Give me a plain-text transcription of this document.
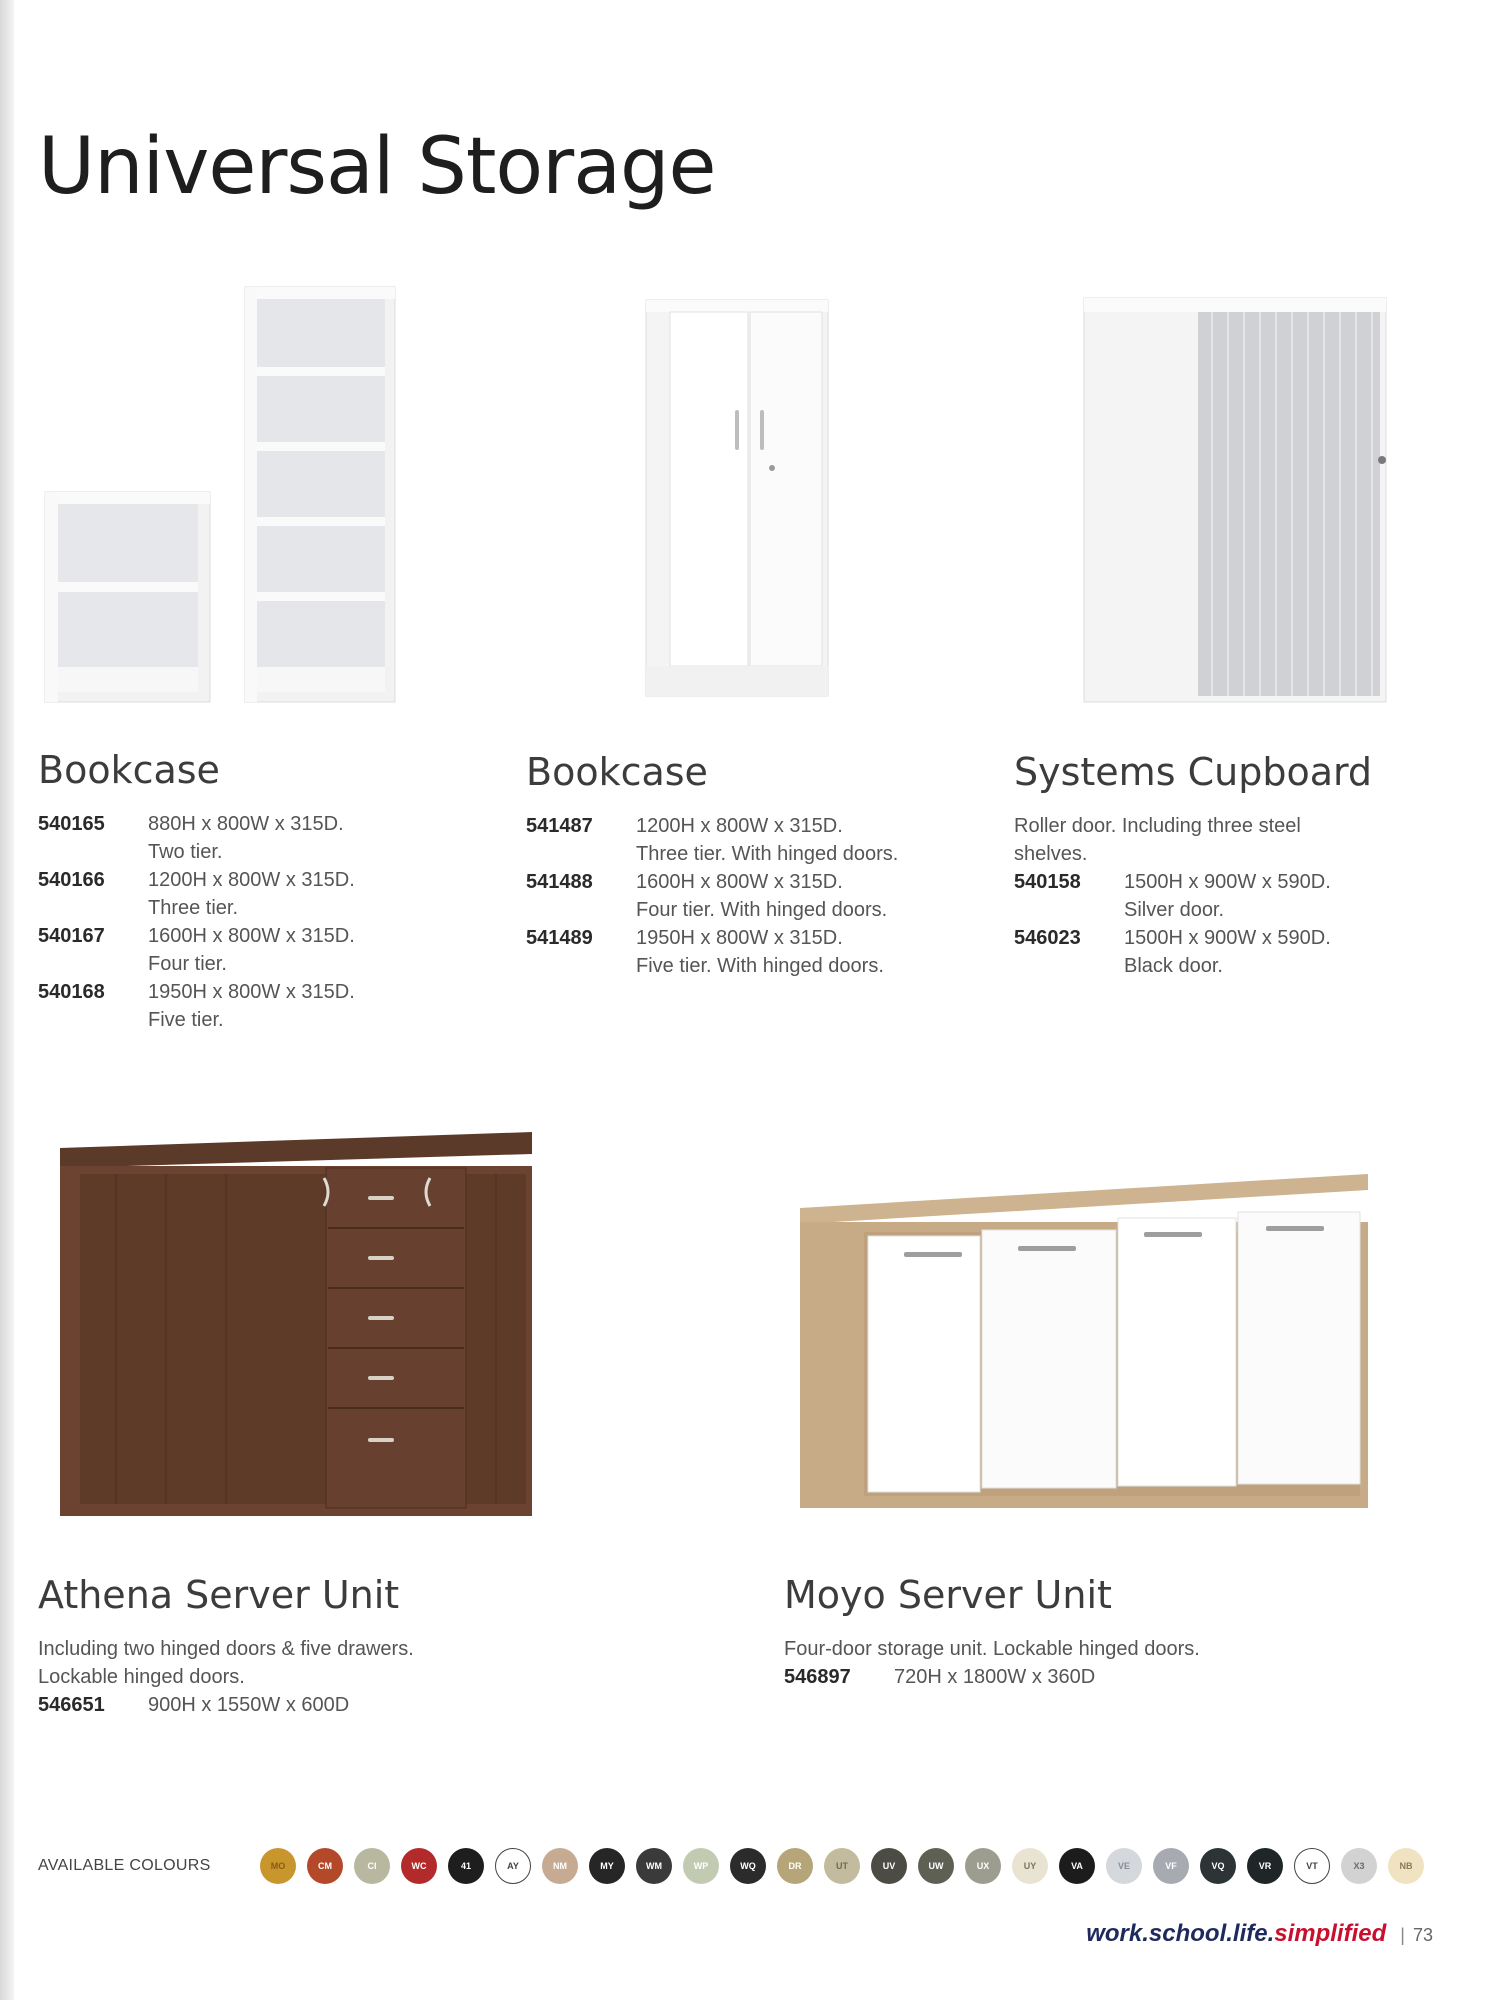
Universal Storage
Bookcase
540165	880H x 800W x 315D.
Two tier.
540166	1200H x 800W x 315D.
Three tier.
540167	1600H x 800W x 315D.
Four tier.
540168	1950H x 800W x 315D.
Five tier.
Bookcase
541487	1200H x 800W x 315D.
Three tier. With hinged doors.
541488	1600H x 800W x 315D.
Four tier. With hinged doors.
541489	1950H x 800W x 315D.
Five tier. With hinged doors.
Systems Cupboard
Roller door. Including three steel
shelves.
540158	1500H x 900W x 590D.
Silver door.
546023	1500H x 900W x 590D.
Black door.
Athena Server Unit
Including two hinged doors & five drawers.
Lockable hinged doors.
546651	900H x 1550W x 600D
Moyo Server Unit
Four-door storage unit. Lockable hinged doors.
546897	720H x 1800W x 360D
AVAILABLE COLOURS	MO	CM	CI	WC	41	AY	NM	MY	WM	WP	WQ	DR	UT	UV	UW	UX	UY	VA	VE	VF	VQ	VR	VT	X3	NB
work.school.life.simplified | 73
